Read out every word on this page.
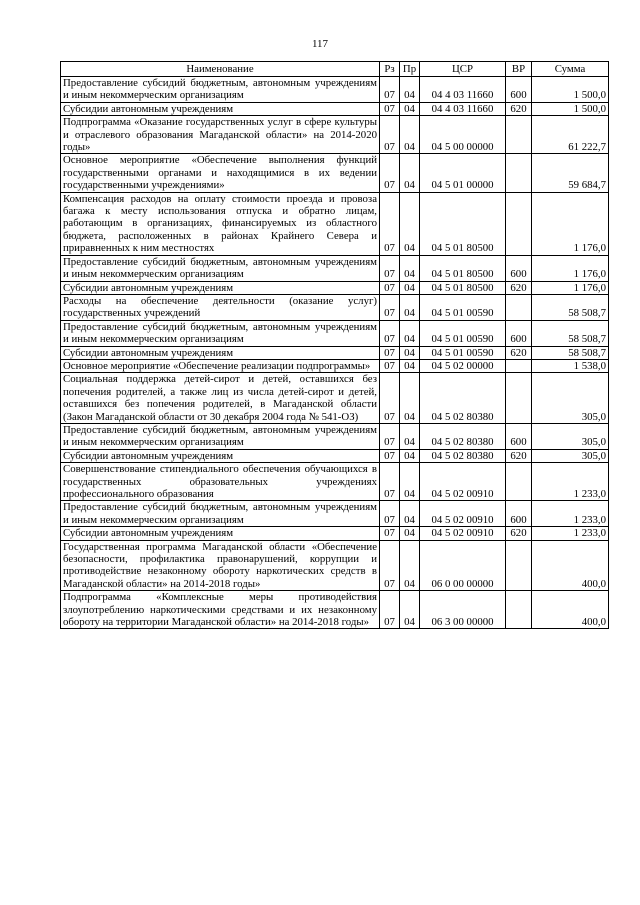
117
Наименование	Рз	Пр	ЦСР	ВР	Сумма
Предоставление субсидий бюджетным, автономным учреждениям и иным некоммерческим организациям	07	04	04 4 03 11660	600	1 500,0
Субсидии автономным учреждениям	07	04	04 4 03 11660	620	1 500,0
Подпрограмма «Оказание государственных услуг в сфере культуры и отраслевого образования Магаданской области» на 2014-2020 годы»	07	04	04 5 00 00000		61 222,7
Основное мероприятие «Обеспечение выполнения функций государственными органами и находящимися в их ведении государственными учреждениями»	07	04	04 5 01 00000		59 684,7
Компенсация расходов на оплату стоимости проезда и провоза багажа к месту использования отпуска и обратно лицам, работающим в организациях, финансируемых из областного бюджета, расположенных в районах Крайнего Севера и приравненных к ним местностях	07	04	04 5 01 80500		1 176,0
Предоставление субсидий бюджетным, автономным учреждениям и иным некоммерческим организациям	07	04	04 5 01 80500	600	1 176,0
Субсидии автономным учреждениям	07	04	04 5 01 80500	620	1 176,0
Расходы на обеспечение деятельности (оказание услуг) государственных учреждений	07	04	04 5 01 00590		58 508,7
Предоставление субсидий бюджетным, автономным учреждениям и иным некоммерческим организациям	07	04	04 5 01 00590	600	58 508,7
Субсидии автономным учреждениям	07	04	04 5 01 00590	620	58 508,7
Основное мероприятие «Обеспечение реализации подпрограммы»	07	04	04 5 02 00000		1 538,0
Социальная поддержка детей-сирот и детей, оставшихся без попечения родителей, а также лиц из числа детей-сирот и детей, оставшихся без попечения родителей, в Магаданской области (Закон Магаданской области от 30 декабря 2004 года № 541-ОЗ)	07	04	04 5 02 80380		305,0
Предоставление субсидий бюджетным, автономным учреждениям и иным некоммерческим организациям	07	04	04 5 02 80380	600	305,0
Субсидии автономным учреждениям	07	04	04 5 02 80380	620	305,0
Совершенствование стипендиального обеспечения обучающихся в государственных образовательных учреждениях профессионального образования	07	04	04 5 02 00910		1 233,0
Предоставление субсидий бюджетным, автономным учреждениям и иным некоммерческим организациям	07	04	04 5 02 00910	600	1 233,0
Субсидии автономным учреждениям	07	04	04 5 02 00910	620	1 233,0
Государственная программа Магаданской области «Обеспечение безопасности, профилактика правонарушений, коррупции и противодействие незаконному обороту наркотических средств в Магаданской области» на 2014-2018 годы»	07	04	06 0 00 00000		400,0
Подпрограмма «Комплексные меры противодействия злоупотреблению наркотическими средствами и их незаконному обороту на территории Магаданской области» на 2014-2018 годы»	07	04	06 3 00 00000		400,0
